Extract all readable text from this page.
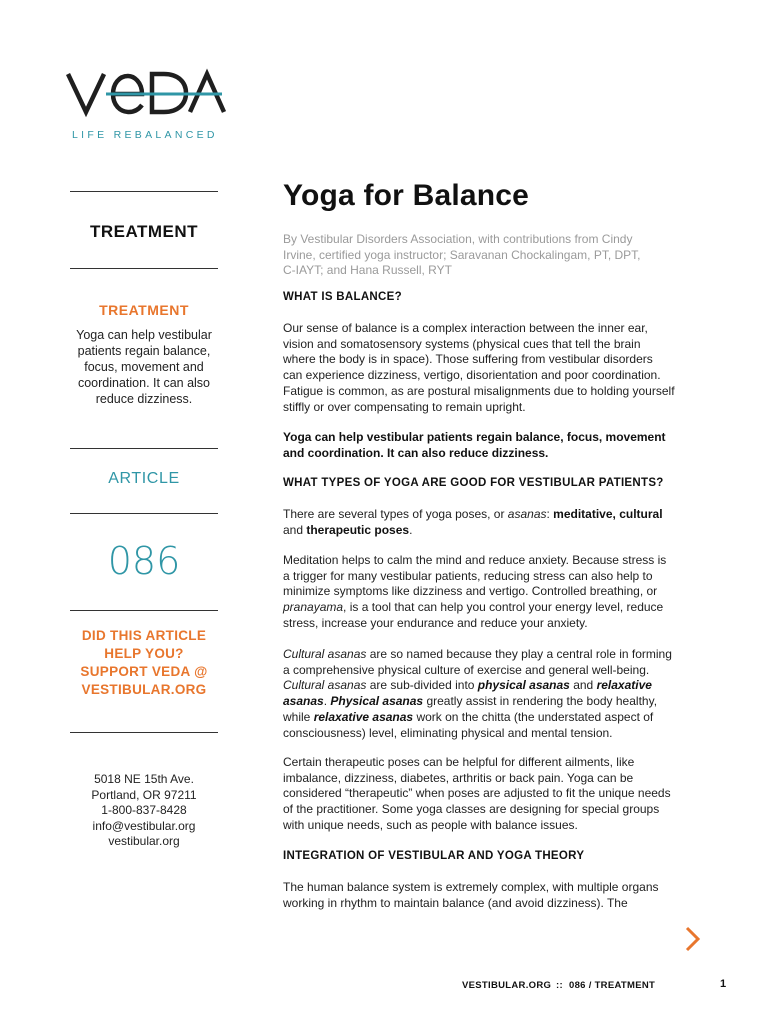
LIFE REBALANCED
TREATMENT
TREATMENT
Yoga can help vestibular
patients regain balance,
focus, movement and
coordination. It can also
reduce dizziness.
ARTICLE
086
DID THIS ARTICLE
HELP YOU?
SUPPORT VEDA @
VESTIBULAR.ORG
5018 NE 15th Ave.
Portland, OR 97211
1-800-837-8428
info@vestibular.org
vestibular.org
Yoga for Balance
By Vestibular Disorders Association, with contributions from Cindy
Irvine, certified yoga instructor; Saravanan Chockalingam, PT, DPT,
C-IAYT; and Hana Russell, RYT
WHAT IS BALANCE?
Our sense of balance is a complex interaction between the inner ear,
vision and somatosensory systems (physical cues that tell the brain
where the body is in space). Those suffering from vestibular disorders
can experience dizziness, vertigo, disorientation and poor coordination.
Fatigue is common, as are postural misalignments due to holding yourself
stiffly or over compensating to remain upright.
Yoga can help vestibular patients regain balance, focus, movement
and coordination. It can also reduce dizziness.
WHAT TYPES OF YOGA ARE GOOD FOR VESTIBULAR PATIENTS?
There are several types of yoga poses, or asanas: meditative, cultural
and therapeutic poses.
Meditation helps to calm the mind and reduce anxiety. Because stress is
a trigger for many vestibular patients, reducing stress can also help to
minimize symptoms like dizziness and vertigo. Controlled breathing, or
pranayama, is a tool that can help you control your energy level, reduce
stress, increase your endurance and reduce your anxiety.
Cultural asanas are so named because they play a central role in forming
a comprehensive physical culture of exercise and general well-being.
Cultural asanas are sub-divided into physical asanas and relaxative
asanas. Physical asanas greatly assist in rendering the body healthy,
while relaxative asanas work on the chitta (the understated aspect of
consciousness) level, eliminating physical and mental tension.
Certain therapeutic poses can be helpful for different ailments, like
imbalance, dizziness, diabetes, arthritis or back pain. Yoga can be
considered “therapeutic” when poses are adjusted to fit the unique needs
of the practitioner. Some yoga classes are designing for special groups
with unique needs, such as people with balance issues.
INTEGRATION OF VESTIBULAR AND YOGA THEORY
The human balance system is extremely complex, with multiple organs
working in rhythm to maintain balance (and avoid dizziness). The
VESTIBULAR.ORG :: 086 / TREATMENT	1
